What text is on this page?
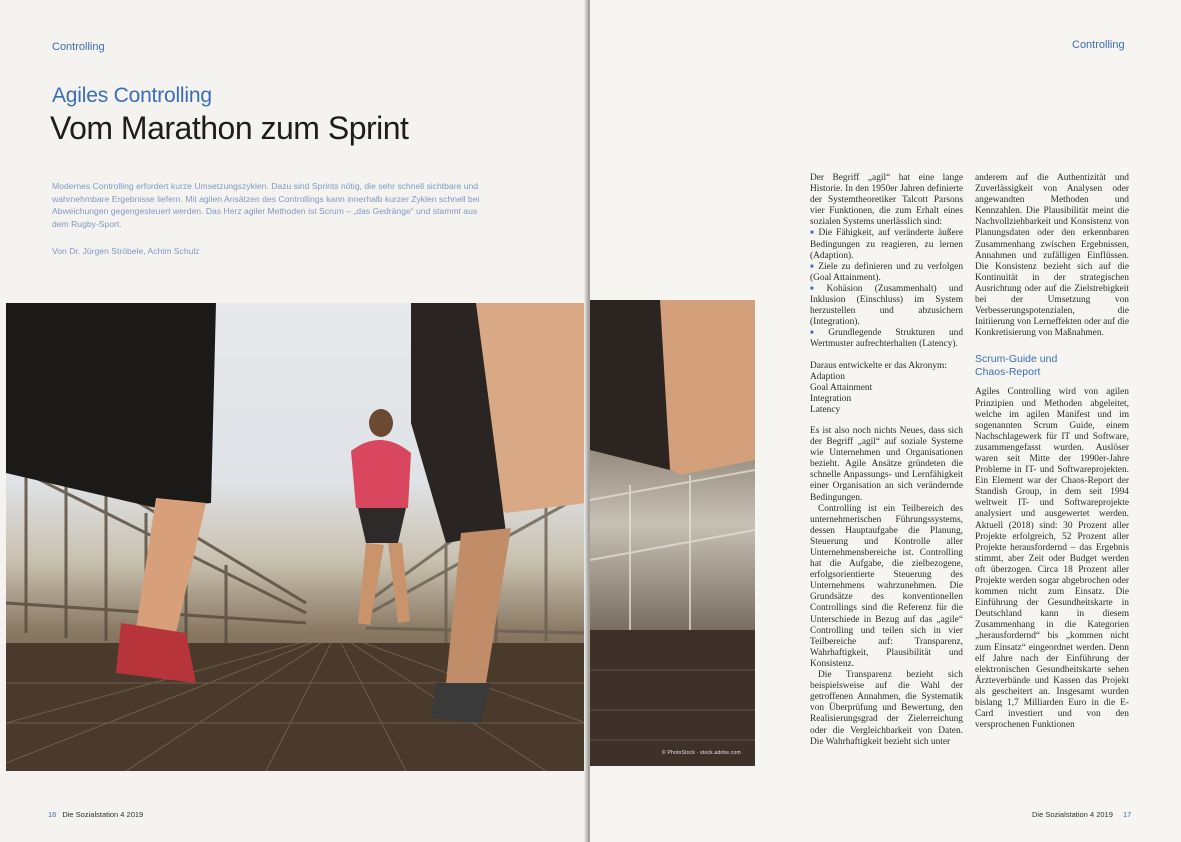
Controlling
Agiles Controlling
Vom Marathon zum Sprint
Modernes Controlling erfordert kurze Umsetzungszyklen. Dazu sind Sprints nötig, die sehr schnell sichtbare und wahrnehmbare Ergebnisse liefern. Mit agilen Ansätzen des Controllings kann innerhalb kurzer Zyklen schnell bei Abweichungen gegengesteuert werden. Das Herz agiler Methoden ist Scrum – „das Gedränge“ und stammt aus dem Rugby-Sport.
Von Dr. Jürgen Ströbele, Achim Schulz
16 Die Sozialstation 4 2019
Controlling
© PhotoStock · stock.adobe.com

Der Begriff „agil“ hat eine lange Historie. In den 1950er Jahren definierte der Systemtheoretiker Talcott Parsons vier Funktionen, die zum Erhalt eines sozialen Systems unerlässlich sind:

■ Die Fähigkeit, auf veränderte äußere Bedingungen zu reagieren, zu lernen (Adaption).
■ Ziele zu definieren und zu verfolgen (Goal Attainment).
■ Kohäsion (Zusammenhalt) und Inklusion (Einschluss) im System herzustellen und abzusichern (Integration).
■ Grundlegende Strukturen und Wertmuster aufrechterhalten (Latency).
Daraus entwickelte er das Akronym:
Adaption
Goal Attainment
Integration
Latency

Es ist also noch nichts Neues, dass sich der Begriff „agil“ auf soziale Systeme wie Unternehmen und Organisationen bezieht. Agile Ansätze gründeten die schnelle Anpassungs- und Lernfähigkeit einer Organisation an sich verändernde Bedingungen.

Controlling ist ein Teilbereich des unternehmerischen Führungssystems, dessen Hauptaufgabe die Planung, Steuerung und Kontrolle aller Unternehmensbereiche ist. Controlling hat die Aufgabe, die zielbezogene, erfolgsorientierte Steuerung des Unternehmens wahrzunehmen. Die Grundsätze des konventionellen Controllings sind die Referenz für die Unterschiede in Bezug auf das „agile“ Controlling und teilen sich in vier Teilbereiche auf: Transparenz, Wahrhaftigkeit, Plausibilität und Konsistenz.

Die Transparenz bezieht sich beispielsweise auf die Wahl der getroffenen Annahmen, die Systematik von Überprüfung und Bewertung, den Realisierungsgrad der Zielerreichung oder die Vergleichbarkeit von Daten. Die Wahrhaftigkeit bezieht sich unter

anderem auf die Authentizität und Zuverlässigkeit von Analysen oder angewandten Methoden und Kennzahlen. Die Plausibilität meint die Nachvollziehbarkeit und Konsistenz von Planungsdaten oder den erkennbaren Zusammenhang zwischen Ergebnissen, Annahmen und zufälligen Einflüssen. Die Konsistenz bezieht sich auf die Kontinuität in der strategischen Ausrichtung oder auf die Zielstrebigkeit bei der Umsetzung von Verbesserungspotenzialen, die Initiierung von Lerneffekten oder auf die Konkretisierung von Maßnahmen.

Scrum-Guide und
Chaos-Report

Agiles Controlling wird von agilen Prinzipien und Methoden abgeleitet, welche im agilen Manifest und im sogenannten Scrum Guide, einem Nachschlagewerk für IT und Software, zusammengefasst wurden. Auslöser waren seit Mitte der 1990er-Jahre Probleme in IT- und Softwareprojekten. Ein Element war der Chaos-Report der Standish Group, in dem seit 1994 weltweit IT- und Softwareprojekte analysiert und ausgewertet werden. Aktuell (2018) sind: 30 Prozent aller Projekte erfolgreich, 52 Prozent aller Projekte herausfordernd – das Ergebnis stimmt, aber Zeit oder Budget werden oft überzogen. Circa 18 Prozent aller Projekte werden sogar abgebrochen oder kommen nicht zum Einsatz. Die Einführung der Gesundheitskarte in Deutschland kann in diesem Zusammenhang in die Kategorien „herausfordernd“ bis „kommen nicht zum Einsatz“ eingeordnet werden. Denn elf Jahre nach der Einführung der elektronischen Gesundheitskarte sehen Ärzteverbände und Kassen das Projekt als gescheitert an. Insgesamt wurden bislang 1,7 Milliarden Euro in die E-Card investiert und von den versprochenen Funktionen

Die Sozialstation 4 2019 17
